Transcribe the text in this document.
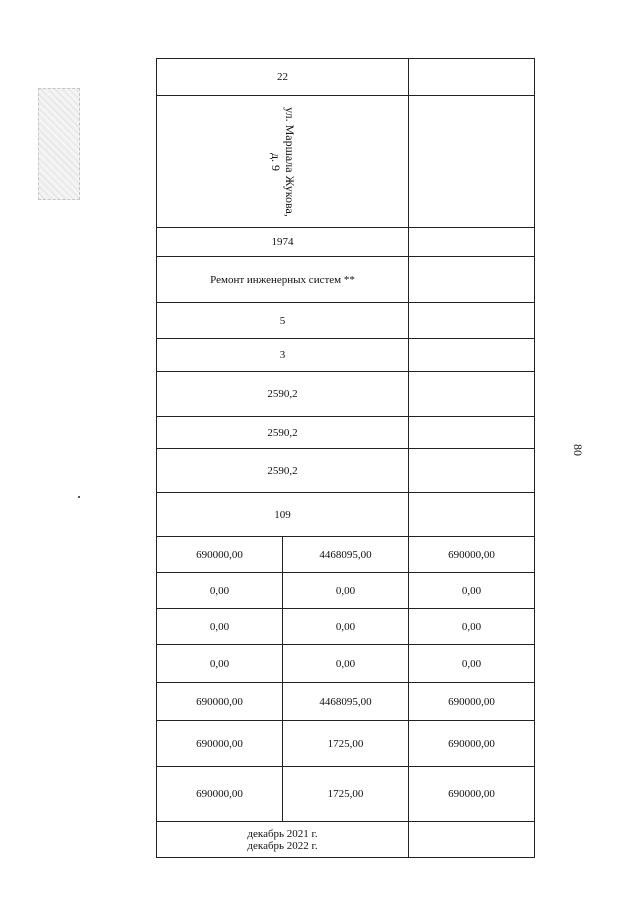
80
22		

ул. Маршала Жукова,
д. 9		

1974		
Ремонт инженерных систем **		
5		
3		
2590,2		
2590,2		
2590,2		
109		
690000,00	4468095,00	690000,00
0,00	0,00	0,00
0,00	0,00	0,00
0,00	0,00	0,00
690000,00	4468095,00	690000,00
690000,00	1725,00	690000,00
690000,00	1725,00	690000,00

декабрь 2021 г.
декабрь 2022 г.		
